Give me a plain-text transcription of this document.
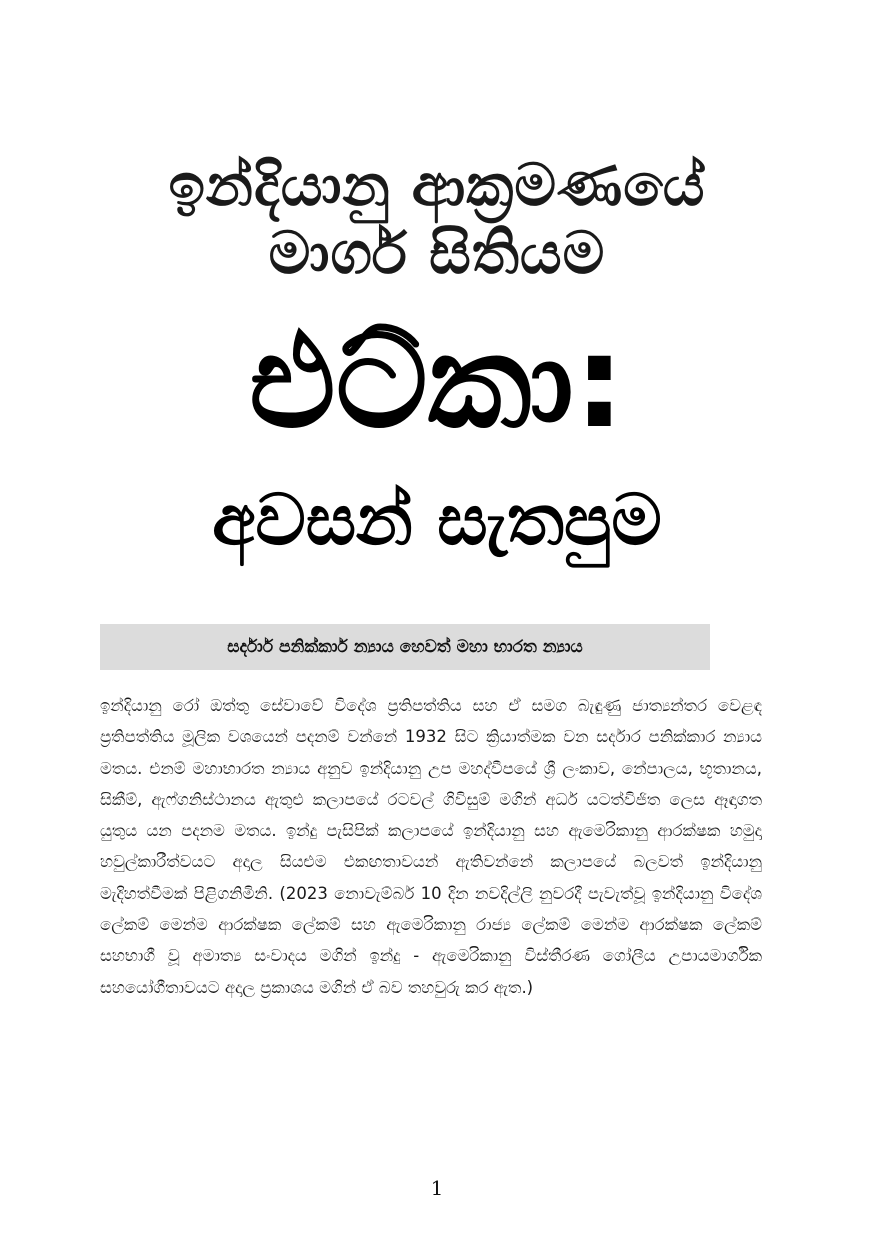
ඉන්දියානු ආක්‍රමණයේ
මාර්ග සිතියම
එට්කා:
අවසන් සැතපුම
සර්දාර් පනික්කාර් න්‍යාය හෙවත් මහා භාරත න්‍යාය

ඉන්දියානු රෝ ඔත්තු සේවාවේ විදේශ ප්‍රතිපත්තිය සහ ඒ සමග බැඳුණු ජාත්‍යන්තර වෙළඳ ප්‍රතිපත්තිය මූලික වශයෙන් පදනම් වන්නේ 1932 සිට ක්‍රියාත්මක වන සර්දාර පනික්කාර න්‍යාය මතය. එනම් මහාභාරත න්‍යාය අනුව ඉන්දියානු උප මහද්වීපයේ ශ්‍රී ලංකාව, නේපාලය, භූතානය, සිකීම්, ඇෆ්ගනිස්ථානය ඇතුළු කලාපයේ රටවල් ගිවිසුම් මගින් අර්ධ යටත්විජිත ලෙස ඈඳාගත යුතුය යන පදනම මතය. ඉන්දු පැසිපික් කලාපයේ ඉන්දියානු සහ ඇමෙරිකානු ආරක්ෂක හමුදා හවුල්කාරීත්වයට අදාල සියළුම එකඟතාවයන් ඇතිවන්නේ කලාපයේ බලවත් ඉන්දියානු මැදිහත්වීමක් පිළිගනිමිනි. (2023 නොවැම්බර් 10 දින නවදිල්ලි නුවරදී පැවැත්වූ ඉන්දියානු විදේශ ලේකම් මෙන්ම ආරක්ෂක ලේකම් සහ ඇමෙරිකානු රාජ්‍ය ලේකම් මෙන්ම ආරක්ෂක ලේකම් සහභාගී වූ අමාත්‍ය සංවාදය මගින් ඉන්දු - ඇමෙරිකානු විස්තීරණ ගෝලීය උපායමාර්ගික සහයෝගීතාවයට අදාල ප්‍රකාශය මගින් ඒ බව තහවුරු කර ඇත.)

1
